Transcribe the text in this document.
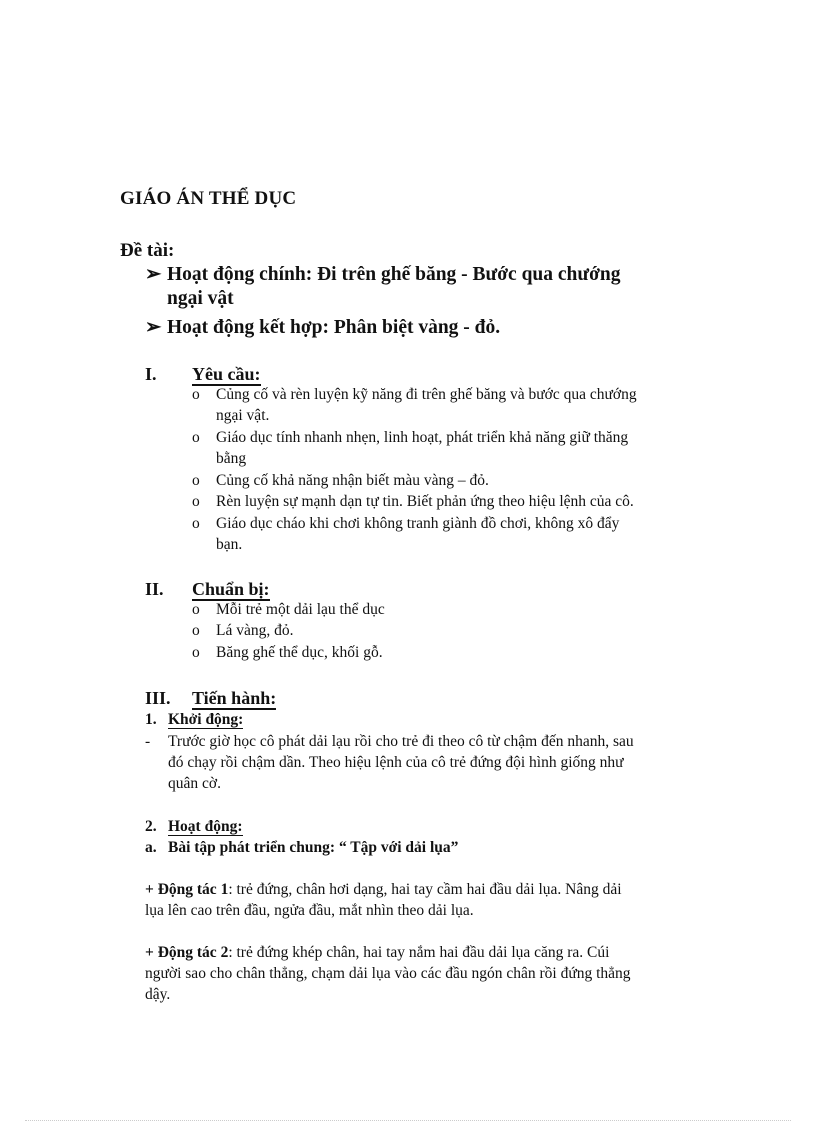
GIÁO ÁN THỂ DỤC
Đề tài:
➢ Hoạt động chính: Đi trên ghế băng - Bước qua chướng
ngại vật
➢ Hoạt động kết hợp: Phân biệt vàng - đỏ.
I. Yêu cầu:
o Củng cố và rèn luyện kỹ năng đi trên ghế băng và bước qua chướng
ngại vật.
o Giáo dục tính nhanh nhẹn, linh hoạt, phát triển khả năng giữ thăng
bằng
o Củng cố khả năng nhận biết màu vàng – đỏ.
o Rèn luyện sự mạnh dạn tự tin. Biết phản ứng theo hiệu lệnh của cô.
o Giáo dục cháo khi chơi không tranh giành đồ chơi, không xô đẩy
bạn.
II. Chuẩn bị:
o Mỗi trẻ một dải lạu thể dục
o Lá vàng, đỏ.
o Băng ghế thể dục, khối gỗ.
III. Tiến hành:
1. Khởi động:
- Trước giờ học cô phát dải lạu rồi cho trẻ đi theo cô từ chậm đến nhanh, sau
đó chạy rồi chậm dần. Theo hiệu lệnh của cô trẻ đứng đội hình giống như
quân cờ.
2. Hoạt động:
a. Bài tập phát triển chung: “ Tập với dải lụa”
+ Động tác 1: trẻ đứng, chân hơi dạng, hai tay cầm hai đầu dải lụa. Nâng dải
lụa lên cao trên đầu, ngửa đầu, mắt nhìn theo dải lụa.
+ Động tác 2: trẻ đứng khép chân, hai tay nắm hai đầu dải lụa căng ra. Cúi
người sao cho chân thẳng, chạm dải lụa vào các đầu ngón chân rồi đứng thẳng
dậy.
